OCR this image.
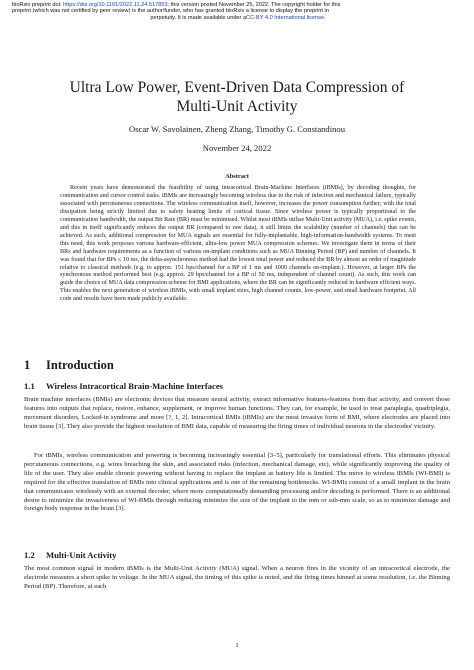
bioRxiv preprint doi: https://doi.org/10.1101/2022.11.24.517853; this version posted November 25, 2022. The copyright holder for this
preprint (which was not certified by peer review) is the author/funder, who has granted bioRxiv a license to display the preprint in
perpetuity. It is made available under aCC-BY 4.0 International license.
Ultra Low Power, Event-Driven Data Compression of Multi-Unit Activity
Oscar W. Savolainen, Zheng Zhang, Timothy G. Constandinou
November 24, 2022
Abstract
Recent years have demonstrated the feasibility of using intracortical Brain-Machine Interfaces (iBMIs), by decoding thoughts, for communication and cursor control tasks. iBMIs are increasingly becoming wireless due to the risk of infection and mechanical failure, typically associated with percutaneous connections. The wireless communication itself, however, increases the power consumption further; with the total dissipation being strictly limited due to safety heating limits of cortical tissue. Since wireless power is typically proportional to the communication bandwidth, the output Bit Rate (BR) must be minimised. Whilst most iBMIs utilise Multi-Unit activity (MUA), i.e. spike events, and this in itself significantly reduces the output BR (compared to raw data), it still limits the scalability (number of channels) that can be achieved. As such, additional compression for MUA signals are essential for fully-implantable, high-information-bandwidth systems. To meet this need, this work proposes various hardware-efficient, ultra-low power MUA compression schemes. We investigate them in terms of their BRs and hardware requirements as a function of various on-implant conditions such as MUA Binning Period (BP) and number of channels. It was found that for BPs ≤ 10 ms, the delta-asynchronous method had the lowest total power and reduced the BR by almost an order of magnitude relative to classical methods (e.g. to approx. 151 bps/channel for a BP of 1 ms and 1000 channels on-implant.). However, at larger BPs the synchronous method performed best (e.g. approx. 29 bps/channel for a BP of 50 ms, independent of channel count). As such, this work can guide the choice of MUA data compression scheme for BMI applications, where the BR can be significantly reduced in hardware efficient ways. This enables the next generation of wireless iBMIs, with small implant sizes, high channel counts, low-power, and small hardware footprint. All code and results have been made publicly available.
1 Introduction
1.1 Wireless Intracortical Brain-Machine Interfaces
Brain machine interfaces (BMIs) are electronic devices that measure neural activity, extract informative features-features from that activity, and convert those features into outputs that replace, restore, enhance, supplement, or improve human functions. They can, for example, be used to treat paraplegia, quadriplegia, movement disorders, Locked-in syndrome and more [?, 1, 2]. Intracortical BMIs (iBMIs) are the most invasive form of BMI, where electrodes are placed into brain tissue [3]. They also provide the highest resolution of BMI data, capable of measuring the firing times of individual neurons in the electrodes' vicinity.
For iBMIs, wireless communication and powering is becoming increasingly essential [3–5], particularly for translational efforts. This eliminates physical percutaneous connections, e.g. wires breaching the skin, and associated risks (infection, mechanical damage, etc), while significantly improving the quality of life of the user. They also enable chronic powering without having to replace the implant as battery life is limited. The move to wireless iBMIs (WI-BMI) is required for the effective translation of BMIs into clinical applications and is one of the remaining bottlenecks. WI-BMIs consist of a small implant in the brain that communicates wirelessly with an external decoder, where more computationally demanding processing and/or decoding is performed. There is an additional desire to minimize the invasiveness of WI-BMIs through reducing minimize the size of the implant to the mm or sub-mm scale, so as to minimize damage and foreign body response in the brain [3].
1.2 Multi-Unit Activity
The most common signal in modern iBMIs is the Multi-Unit Activity (MUA) signal. When a neuron fires in the vicinity of an intracortical electrode, the electrode measures a short spike in voltage. In the MUA signal, the timing of this spike is noted, and the firing times binned at some resolution, i.e. the Binning Period (BP). Therefore, at each
1
